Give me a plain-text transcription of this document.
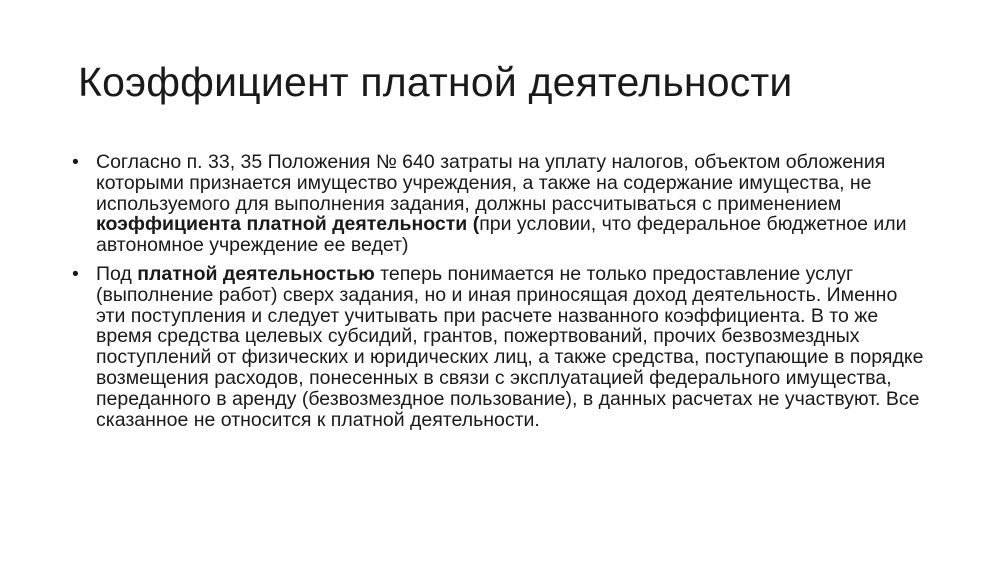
Коэффициент платной деятельности
• Согласно п. 33, 35 Положения № 640 затраты на уплату налогов, объектом обложения которыми признается имущество учреждения, а также на содержание имущества, не используемого для выполнения задания, должны рассчитываться с применением коэффициента платной деятельности (при условии, что федеральное бюджетное или автономное учреждение ее ведет)
• Под платной деятельностью теперь понимается не только предоставление услуг (выполнение работ) сверх задания, но и иная приносящая доход деятельность. Именно эти поступления и следует учитывать при расчете названного коэффициента. В то же время средства целевых субсидий, грантов, пожертвований, прочих безвозмездных поступлений от физических и юридических лиц, а также средства, поступающие в порядке возмещения расходов, понесенных в связи с эксплуатацией федерального имущества, переданного в аренду (безвозмездное пользование), в данных расчетах не участвуют. Все сказанное не относится к платной деятельности.
